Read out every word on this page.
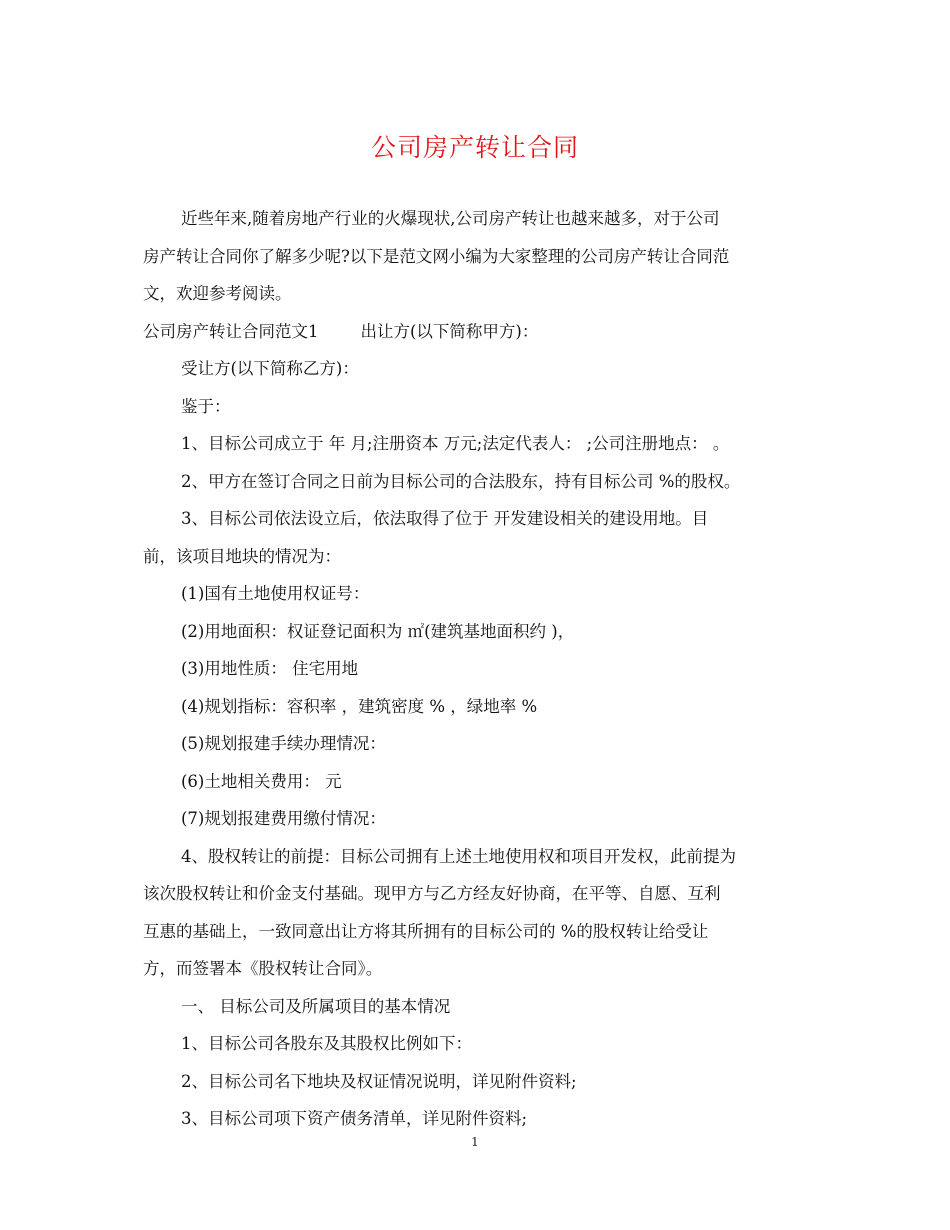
公司房产转让合同

近些年来,随着房地产行业的火爆现状,公司房产转让也越来越多，对于公司

房产转让合同你了解多少呢?以下是范文网小编为大家整理的公司房产转让合同范

文，欢迎参考阅读。

公司房产转让合同范文1	出让方(以下简称甲方)：

受让方(以下简称乙方)：

鉴于：

1、目标公司成立于 年 月;注册资本 万元;法定代表人： ;公司注册地点： 。

2、甲方在签订合同之日前为目标公司的合法股东，持有目标公司 %的股权。

3、目标公司依法设立后，依法取得了位于 开发建设相关的建设用地。目

前，该项目地块的情况为：

(1)国有土地使用权证号：

(2)用地面积：权证登记面积为 ㎡(建筑基地面积约 )，

(3)用地性质： 住宅用地

(4)规划指标：容积率 ，建筑密度 % ，绿地率 %

(5)规划报建手续办理情况：

(6)土地相关费用： 元

(7)规划报建费用缴付情况：

4、股权转让的前提：目标公司拥有上述土地使用权和项目开发权，此前提为

该次股权转让和价金支付基础。现甲方与乙方经友好协商，在平等、自愿、互利

互惠的基础上，一致同意出让方将其所拥有的目标公司的 %的股权转让给受让

方，而签署本《股权转让合同》。

一、 目标公司及所属项目的基本情况

1、目标公司各股东及其股权比例如下：

2、目标公司名下地块及权证情况说明，详见附件资料;

3、目标公司项下资产债务清单，详见附件资料;

1
